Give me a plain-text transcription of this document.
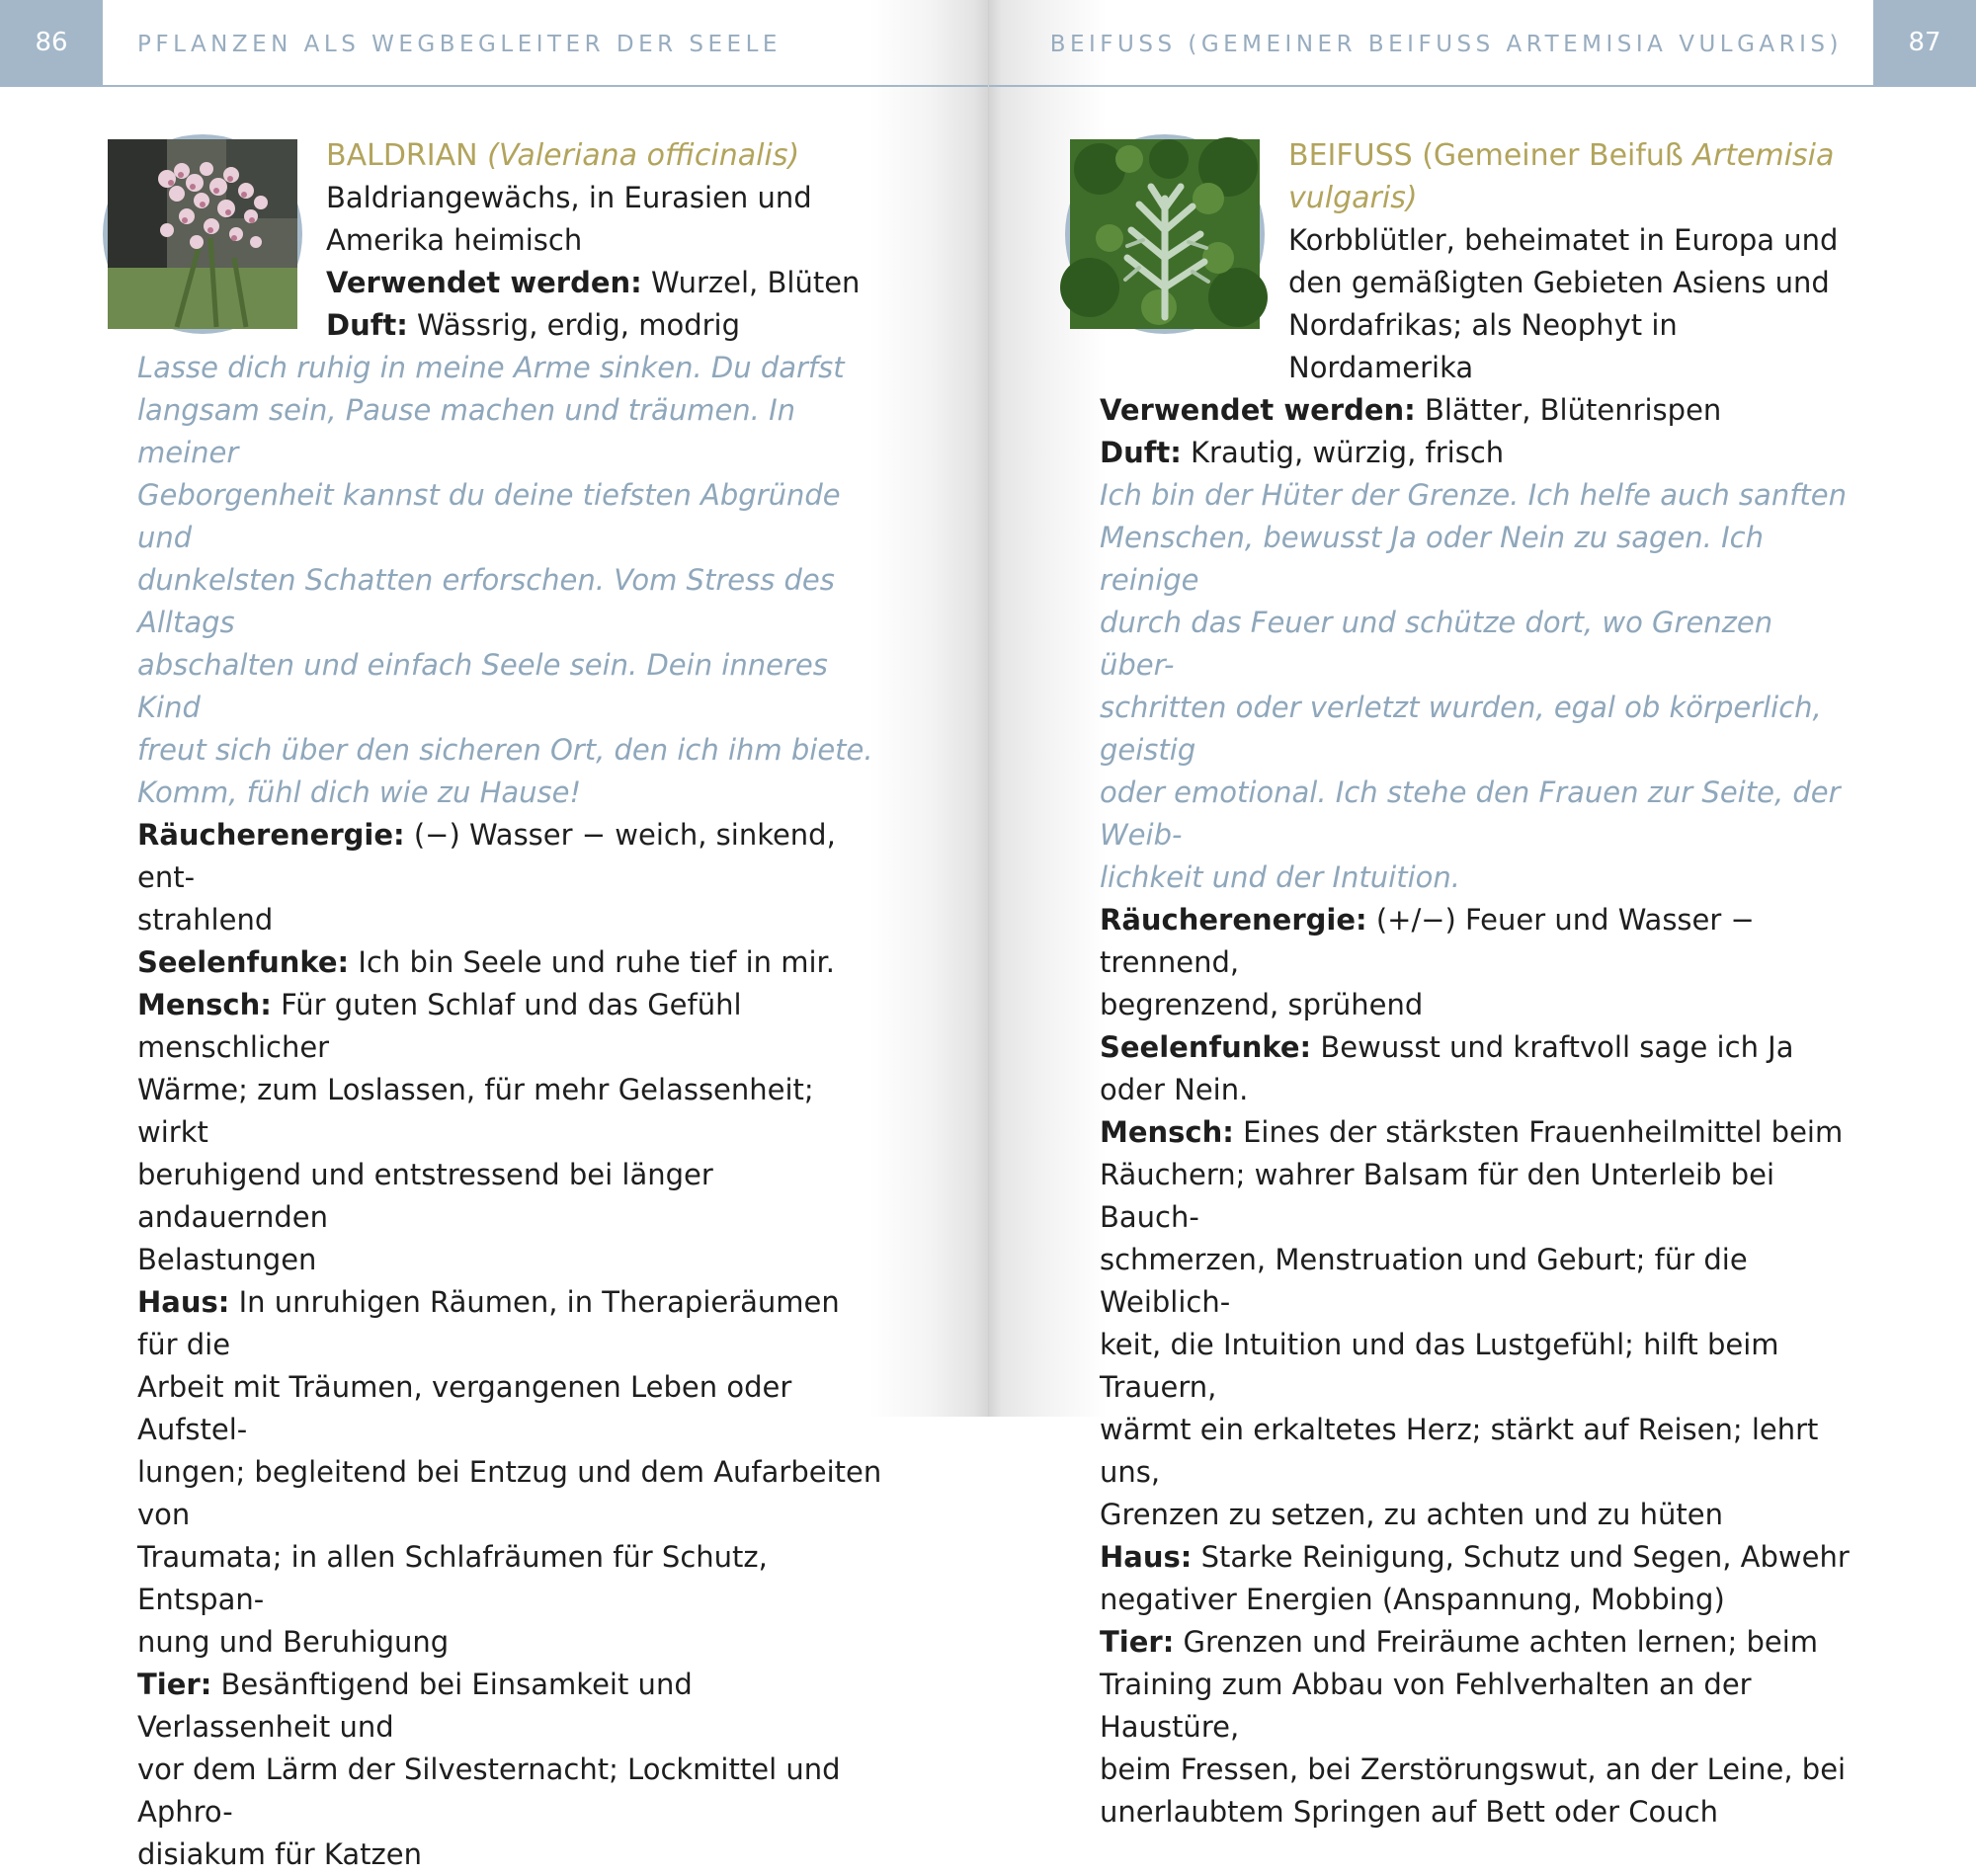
86	PFLANZEN ALS WEGBEGLEITER DER SEELE

BALDRIAN (Valeriana officinalis)

Baldriangewächs, in Eurasien und

Amerika heimisch

Verwendet werden: Wurzel, Blüten

Duft: Wässrig, erdig, modrig

Lasse dich ruhig in meine Arme sinken. Du darfst

langsam sein, Pause machen und träumen. In meiner

Geborgenheit kannst du deine tiefsten Abgründe und

dunkelsten Schatten erforschen. Vom Stress des Alltags

abschalten und einfach Seele sein. Dein inneres Kind

freut sich über den sicheren Ort, den ich ihm biete.

Komm, fühl dich wie zu Hause!

Räucherenergie: (−) Wasser − weich, sinkend, ent-

strahlend

Seelenfunke: Ich bin Seele und ruhe tief in mir.

Mensch: Für guten Schlaf und das Gefühl menschlicher

Wärme; zum Loslassen, für mehr Gelassenheit; wirkt

beruhigend und entstressend bei länger andauernden

Belastungen

Haus: In unruhigen Räumen, in Therapieräumen für die

Arbeit mit Träumen, vergangenen Leben oder Aufstel-

lungen; begleitend bei Entzug und dem Aufarbeiten von

Traumata; in allen Schlafräumen für Schutz, Entspan-

nung und Beruhigung

Tier: Besänftigend bei Einsamkeit und Verlassenheit und

vor dem Lärm der Silvesternacht; Lockmittel und Aphro-

disiakum für Katzen

BEIFUSS (GEMEINER BEIFUSS ARTEMISIA VULGARIS)	87

BEIFUSS (Gemeiner Beifuß Artemisia

vulgaris)

Korbblütler, beheimatet in Europa und

den gemäßigten Gebieten Asiens und

Nordafrikas; als Neophyt in Nordamerika

Verwendet werden: Blätter, Blütenrispen

Duft: Krautig, würzig, frisch

Ich bin der Hüter der Grenze. Ich helfe auch sanften

Menschen, bewusst Ja oder Nein zu sagen. Ich reinige

durch das Feuer und schütze dort, wo Grenzen über-

schritten oder verletzt wurden, egal ob körperlich, geistig

oder emotional. Ich stehe den Frauen zur Seite, der Weib-

lichkeit und der Intuition.

Räucherenergie: (+/−) Feuer und Wasser − trennend,

begrenzend, sprühend

Seelenfunke: Bewusst und kraftvoll sage ich Ja oder Nein.

Mensch: Eines der stärksten Frauenheilmittel beim

Räuchern; wahrer Balsam für den Unterleib bei Bauch-

schmerzen, Menstruation und Geburt; für die Weiblich-

keit, die Intuition und das Lustgefühl; hilft beim Trauern,

wärmt ein erkaltetes Herz; stärkt auf Reisen; lehrt uns,

Grenzen zu setzen, zu achten und zu hüten

Haus: Starke Reinigung, Schutz und Segen, Abwehr

negativer Energien (Anspannung, Mobbing)

Tier: Grenzen und Freiräume achten lernen; beim

Training zum Abbau von Fehlverhalten an der Haustüre,

beim Fressen, bei Zerstörungswut, an der Leine, bei

unerlaubtem Springen auf Bett oder Couch
